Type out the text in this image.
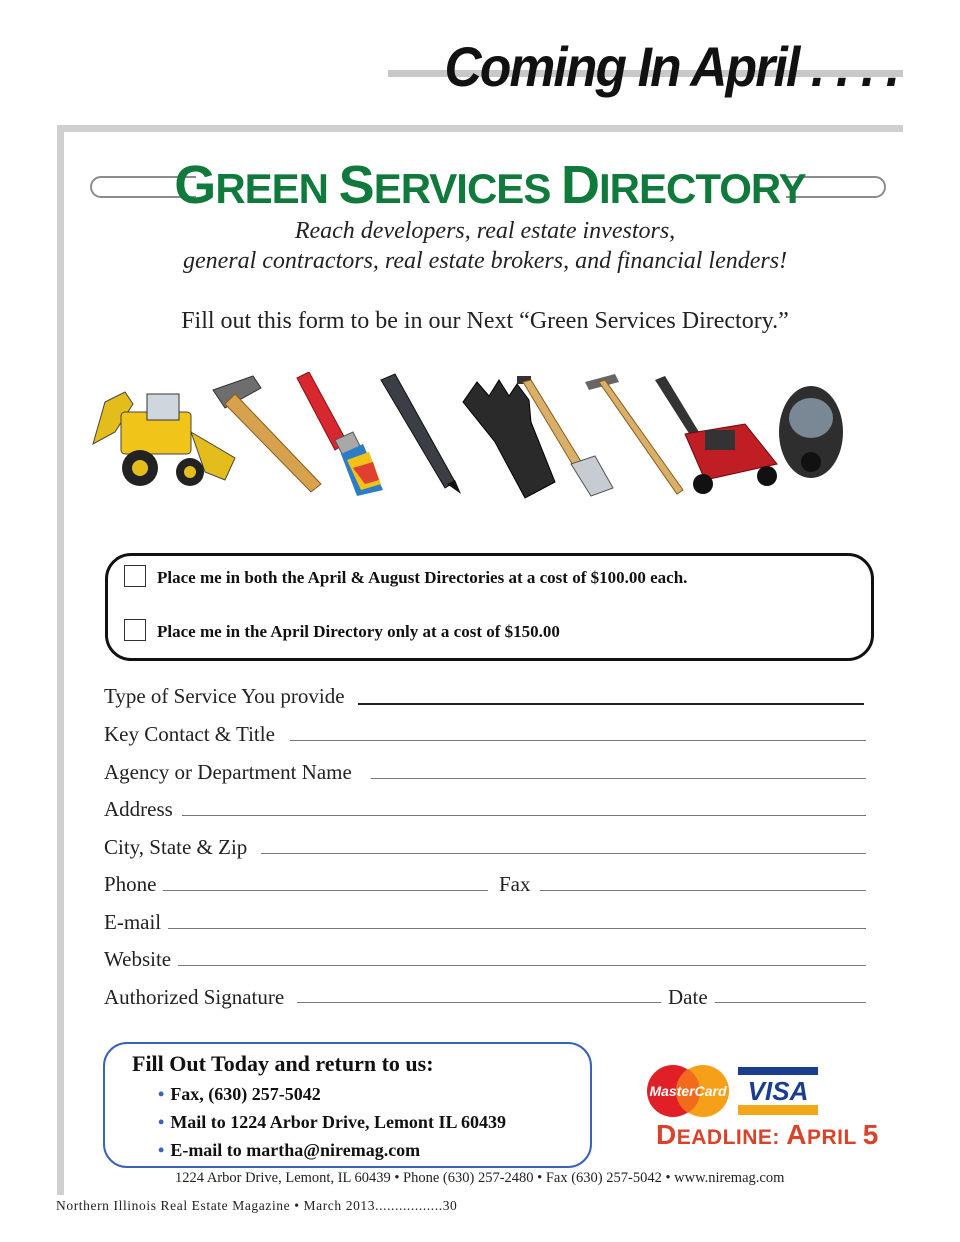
Coming In April . . . .
GREEN SERVICES DIRECTORY
Reach developers, real estate investors,
general contractors, real estate brokers, and financial lenders!
Fill out this form to be in our Next “Green Services Directory.”
Place me in both the April & August Directories at a cost of $100.00 each.
Place me in the April Directory only at a cost of $150.00
Type of Service You provide
Key Contact & Title
Agency or Department Name
Address
City, State & Zip
Phone	Fax
E-mail
Website
Authorized Signature	Date
Fill Out Today and return to us:
• Fax, (630) 257-5042
• Mail to 1224 Arbor Drive, Lemont IL 60439
• E-mail to martha@niremag.com
MasterCard VISA
DEADLINE: APRIL 5
1224 Arbor Drive, Lemont, IL 60439 • Phone (630) 257-2480 • Fax (630) 257-5042 • www.niremag.com
Northern Illinois Real Estate Magazine • March 2013.................30
